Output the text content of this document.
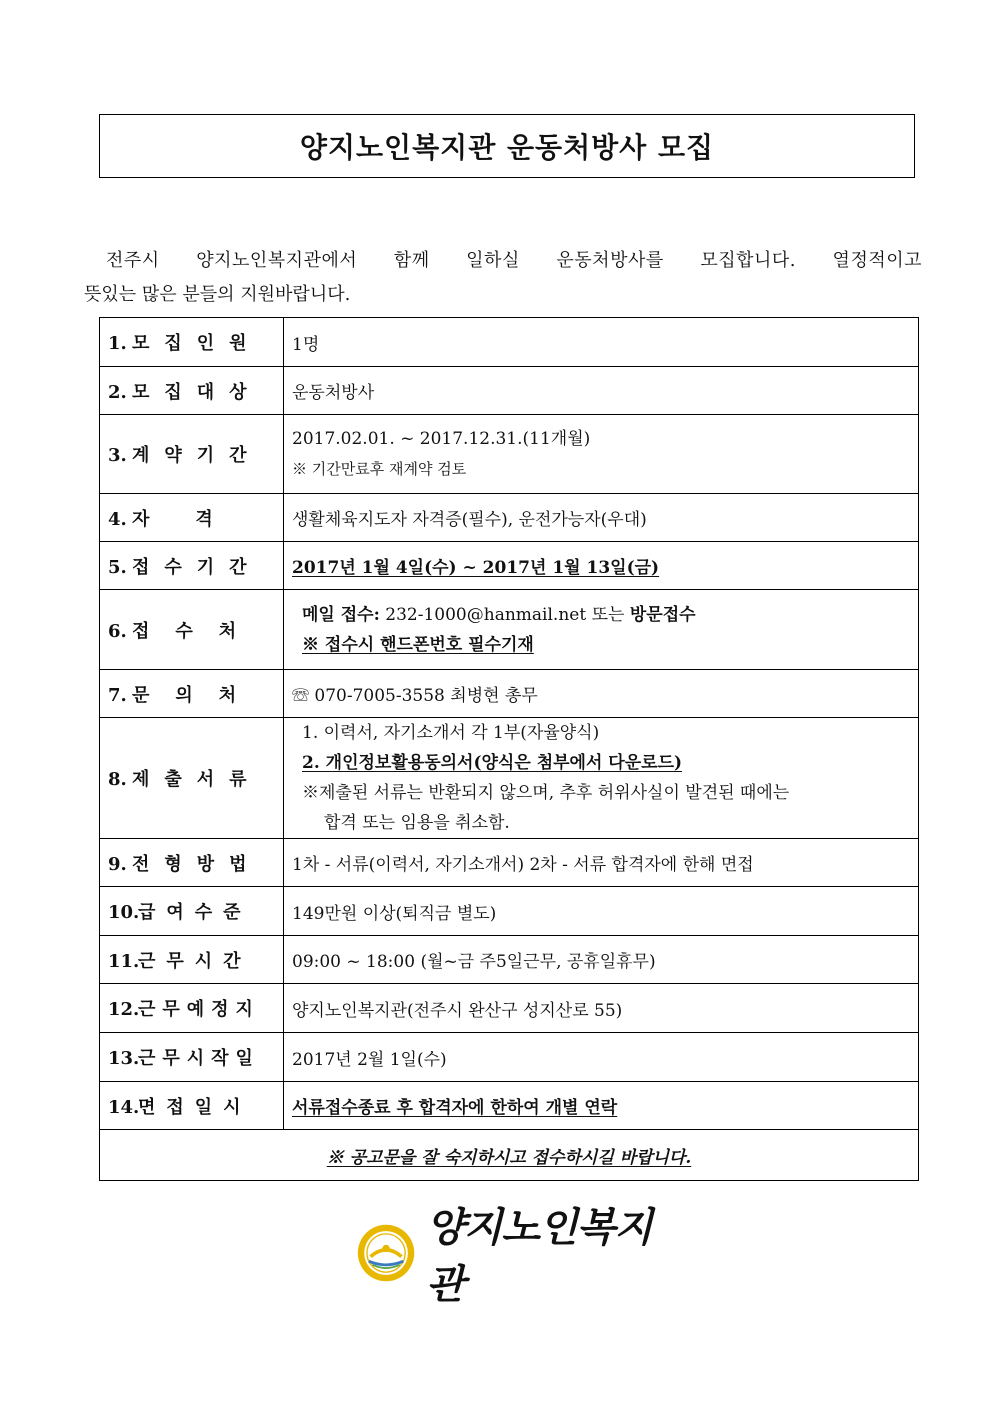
양지노인복지관 운동처방사 모집
전주시 양지노인복지관에서 함께 일하실 운동처방사를 모집합니다. 열정적이고
뜻있는 많은 분들의 지원바랍니다.
1. 모집인원	1명
2. 모집대상	운동처방사
3. 계약기간	2017.02.01. ~ 2017.12.31.(11개월)
※ 기간만료후 재계약 검토

4. 자격	생활체육지도자 자격증(필수), 운전가능자(우대)
5. 접수기간	2017년 1월 4일(수) ~ 2017년 1월 13일(금)
6. 접수처	메일 접수: 232-1000@hanmail.net 또는 방문접수
※ 접수시 핸드폰번호 필수기재

7. 문의처	☏ 070-7005-3558 최병현 총무
8. 제출서류	1. 이력서, 자기소개서 각 1부(자율양식)
2. 개인정보활용동의서(양식은 첨부에서 다운로드)
※제출된 서류는 반환되지 않으며, 추후 허위사실이 발견된 때에는
합격 또는 임용을 취소함.

9. 전형방법	1차 - 서류(이력서, 자기소개서) 2차 - 서류 합격자에 한해 면접
10.급여수준	149만원 이상(퇴직금 별도)
11.근무시간	09:00 ~ 18:00 (월~금 주5일근무, 공휴일휴무)
12.근무예정지	양지노인복지관(전주시 완산구 성지산로 55)
13.근무시작일	2017년 2월 1일(수)
14.면접일시	서류접수종료 후 합격자에 한하여 개별 연락
※ 공고문을 잘 숙지하시고 접수하시길 바랍니다.	
양지노인복지관
